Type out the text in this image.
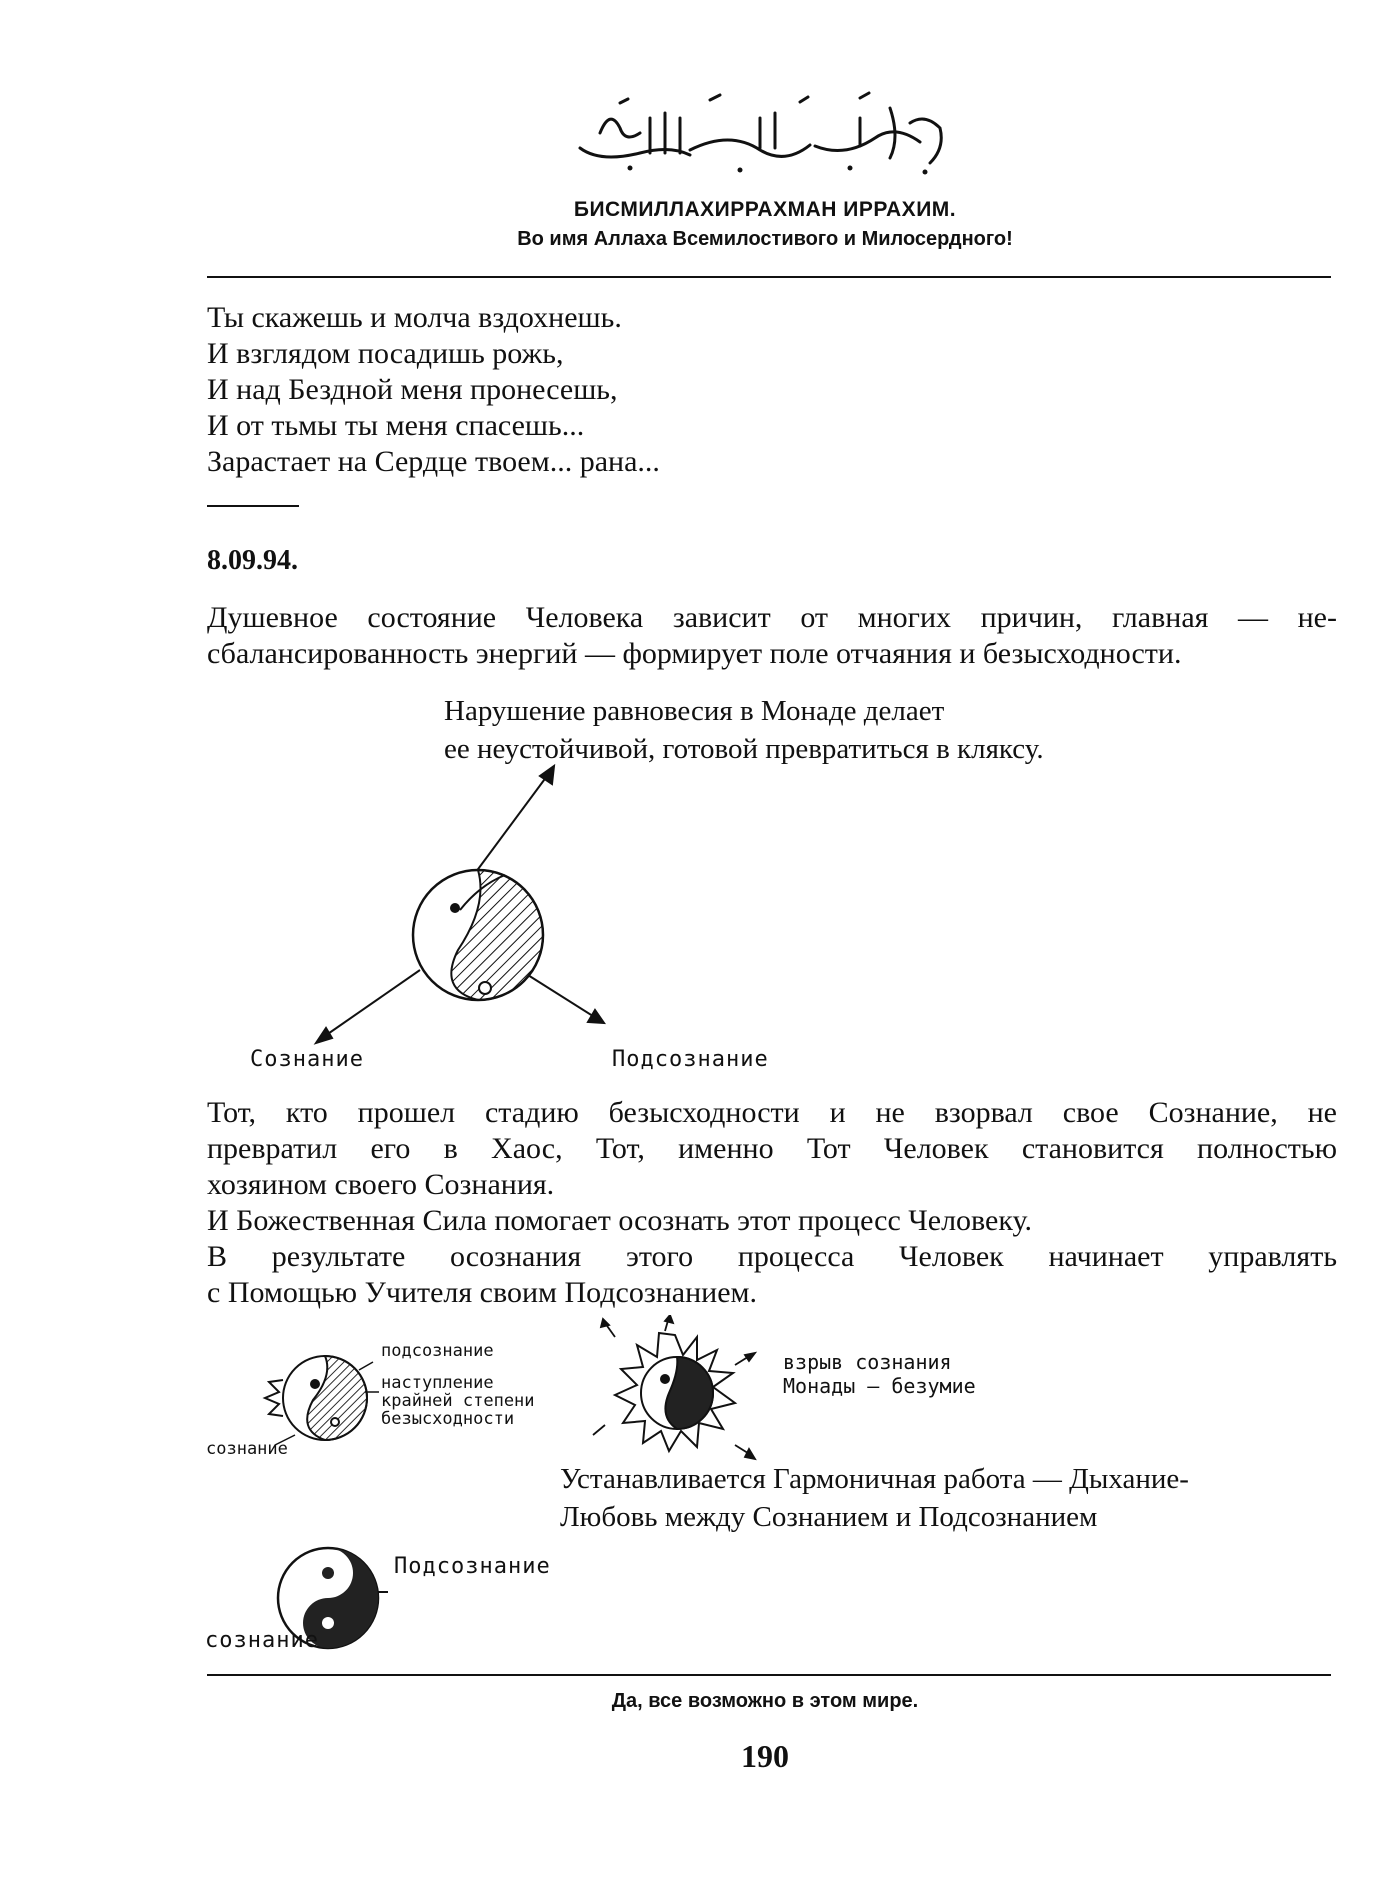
БИСМИЛЛАХИРРАХМАН ИРРАХИМ.
Во имя Аллаха Всемилостивого и Милосердного!
Ты скажешь и молча вздохнешь.
И взглядом посадишь рожь,
И над Бездной меня пронесешь,
И от тьмы ты меня спасешь...
Зарастает на Сердце твоем... рана...
8.09.94.
Душевное состояние Человека зависит от многих причин, главная — не-
сбалансированность энергий — формирует поле отчаяния и безысходности.
Нарушение равновесия в Монаде делает
ее неустойчивой, готовой превратиться в кляксу.
Сознание	Подсознание
Тот, кто прошел стадию безысходности и не взорвал свое Сознание, не
превратил его в Хаос, Тот, именно Тот Человек становится полностью
хозяином своего Сознания.
И Божественная Сила помогает осознать этот процесс Человеку.
В результате осознания этого процесса Человек начинает управлять
с Помощью Учителя своим Подсознанием.
подсознание
наступление
крайней степени
безысходности
сознание
взрыв сознания
Монады — безумие
Устанавливается Гармоничная работа — Дыхание-
Любовь между Сознанием и Подсознанием
Подсознание
сознание
Да, все возможно в этом мире.
190
